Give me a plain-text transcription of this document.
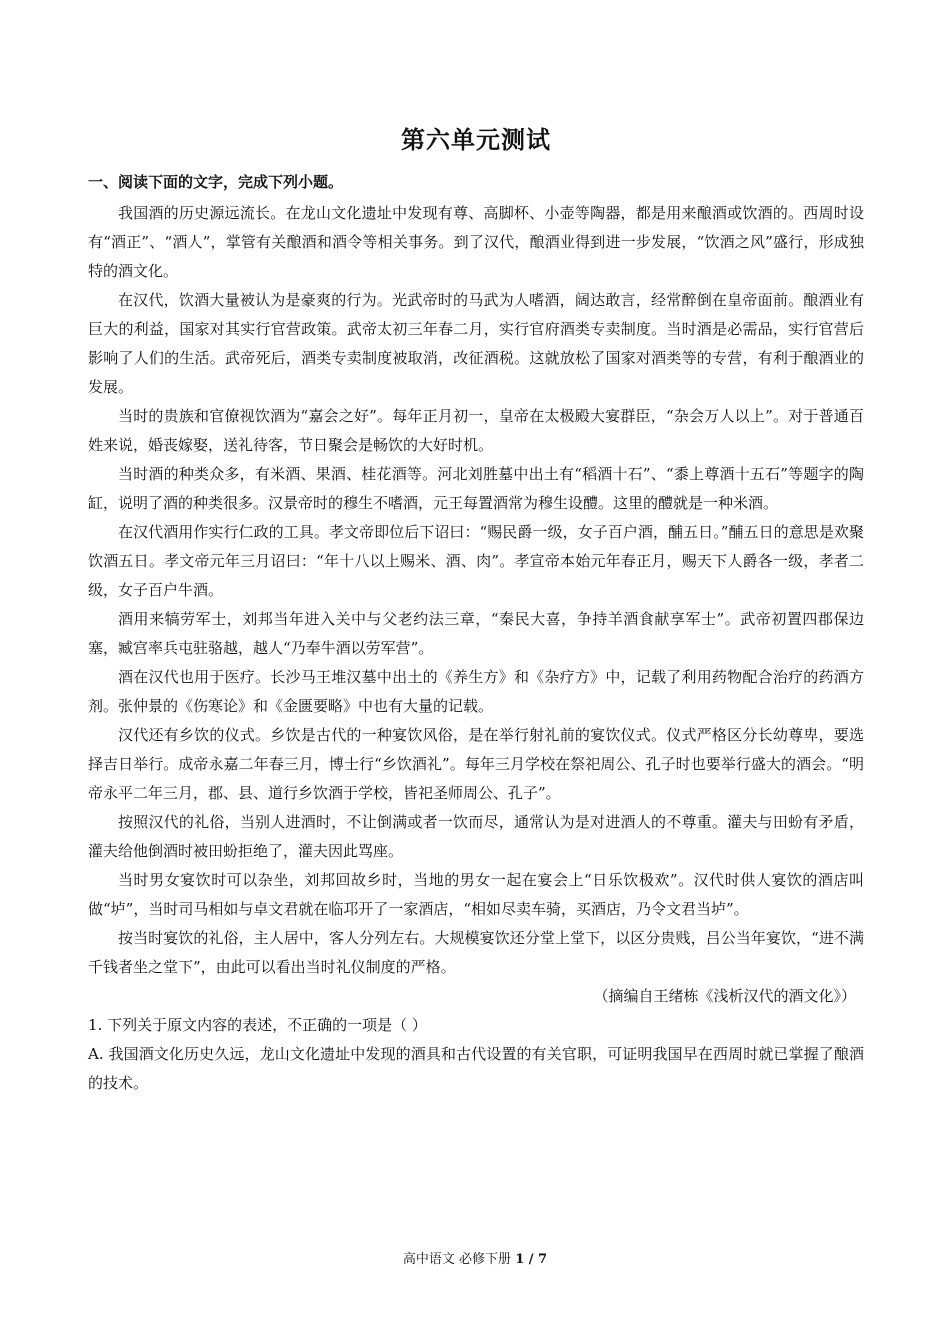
第六单元测试

一、阅读下面的文字，完成下列小题。

我国酒的历史源远流长。在龙山文化遗址中发现有尊、高脚杯、小壶等陶器，都是用来酿酒或饮酒的。西周时设有“酒正”、“酒人”，掌管有关酿酒和酒令等相关事务。到了汉代，酿酒业得到进一步发展，“饮酒之风”盛行，形成独特的酒文化。

在汉代，饮酒大量被认为是豪爽的行为。光武帝时的马武为人嗜酒，阔达敢言，经常醉倒在皇帝面前。酿酒业有巨大的利益，国家对其实行官营政策。武帝太初三年春二月，实行官府酒类专卖制度。当时酒是必需品，实行官营后影响了人们的生活。武帝死后，酒类专卖制度被取消，改征酒税。这就放松了国家对酒类等的专营，有利于酿酒业的发展。

当时的贵族和官僚视饮酒为“嘉会之好”。每年正月初一，皇帝在太极殿大宴群臣，“杂会万人以上”。对于普通百姓来说，婚丧嫁娶，送礼待客，节日聚会是畅饮的大好时机。

当时酒的种类众多，有米酒、果酒、桂花酒等。河北刘胜墓中出土有“稻酒十石”、“黍上尊酒十五石”等题字的陶缸，说明了酒的种类很多。汉景帝时的穆生不嗜酒，元王每置酒常为穆生设醴。这里的醴就是一种米酒。

在汉代酒用作实行仁政的工具。孝文帝即位后下诏曰：“赐民爵一级，女子百户酒，酺五日。”酺五日的意思是欢聚饮酒五日。孝文帝元年三月诏曰：“年十八以上赐米、酒、肉”。孝宣帝本始元年春正月，赐天下人爵各一级，孝者二级，女子百户牛酒。

酒用来犒劳军士，刘邦当年进入关中与父老约法三章，“秦民大喜，争持羊酒食献享军士”。武帝初置四郡保边塞，臧宫率兵屯驻骆越，越人“乃奉牛酒以劳军营”。

酒在汉代也用于医疗。长沙马王堆汉墓中出土的《养生方》和《杂疗方》中，记载了利用药物配合治疗的药酒方剂。张仲景的《伤寒论》和《金匮要略》中也有大量的记载。

汉代还有乡饮的仪式。乡饮是古代的一种宴饮风俗，是在举行射礼前的宴饮仪式。仪式严格区分长幼尊卑，要选择吉日举行。成帝永嘉二年春三月，博士行“乡饮酒礼”。每年三月学校在祭祀周公、孔子时也要举行盛大的酒会。“明帝永平二年三月，郡、县、道行乡饮酒于学校，皆祀圣师周公、孔子”。

按照汉代的礼俗，当别人进酒时，不让倒满或者一饮而尽，通常认为是对进酒人的不尊重。灌夫与田蚡有矛盾，灌夫给他倒酒时被田蚡拒绝了，灌夫因此骂座。

当时男女宴饮时可以杂坐，刘邦回故乡时，当地的男女一起在宴会上“日乐饮极欢”。汉代时供人宴饮的酒店叫做“垆”，当时司马相如与卓文君就在临邛开了一家酒店，“相如尽卖车骑，买酒店，乃令文君当垆”。

按当时宴饮的礼俗，主人居中，客人分列左右。大规模宴饮还分堂上堂下，以区分贵贱，吕公当年宴饮，“进不满千钱者坐之堂下”，由此可以看出当时礼仪制度的严格。

（摘编自王绪栋《浅析汉代的酒文化》）

1. 下列关于原文内容的表述，不正确的一项是（ ）

A. 我国酒文化历史久远，龙山文化遗址中发现的酒具和古代设置的有关官职，可证明我国早在西周时就已掌握了酿酒的技术。

高中语文 必修下册 1 / 7
